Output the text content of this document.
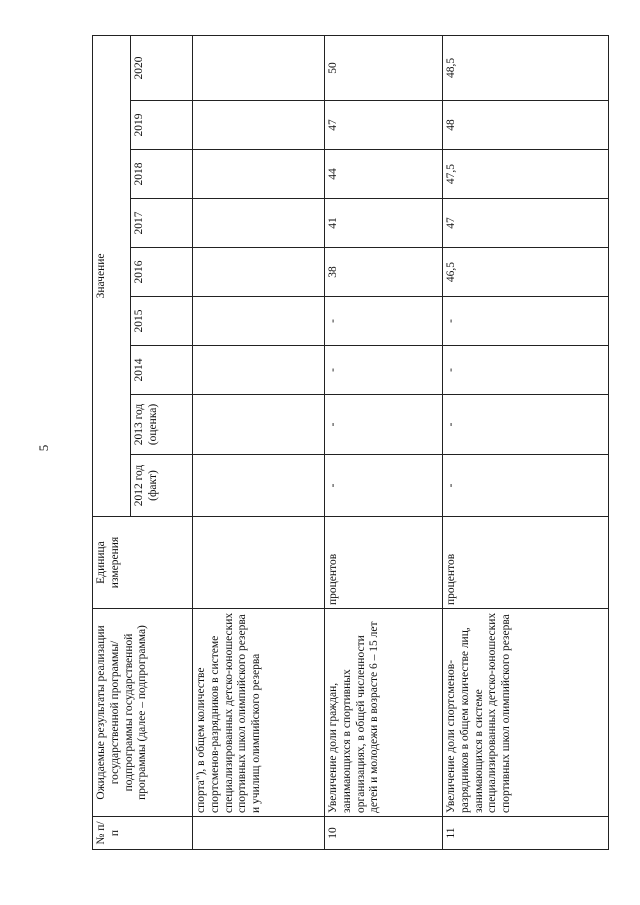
5
№ п/п	Ожидаемые результаты реализации государственной программы/подпрограммы государственной программы (далее – подпрограмма)	Единица измерения	Значение								
			2012 год (факт)	2013 год (оценка)	2014	2015	2016	2017	2018	2019	2020
	спорта"), в общем количестве спортсменов-разрядников в системе специализированных детско-юношеских спортивных школ олимпийского резерва и училищ олимпийского резерва										
10	Увеличение доли граждан, занимающихся в спортивных организациях, в общей численности детей и молодежи в возрасте 6 – 15 лет	процентов	-	-	-	-	38	41	44	47	50
11	Увеличение доли спортсменов-разрядников в общем количестве лиц, занимающихся в системе специализированных детско-юношеских спортивных школ олимпийского резерва	процентов	-	-	-	-	46,5	47	47,5	48	48,5
